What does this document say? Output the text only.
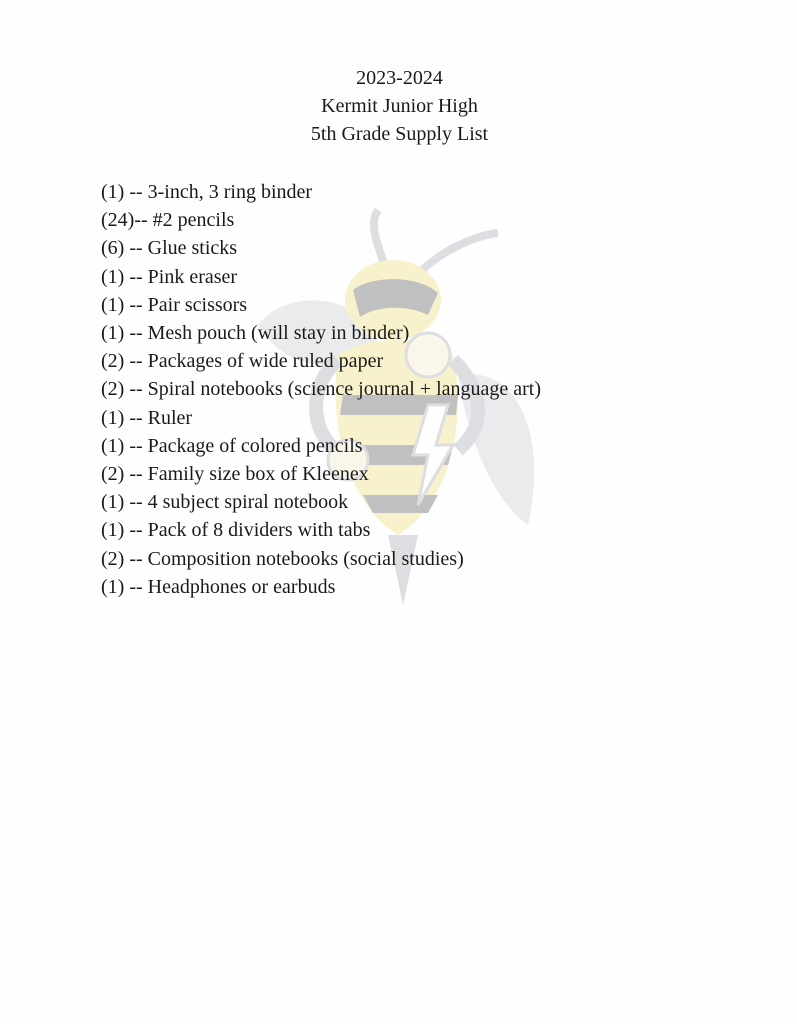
2023-2024
Kermit Junior High
5th Grade Supply List
(1) -- 3-inch, 3 ring binder
(24)-- #2 pencils
(6) -- Glue sticks
(1) -- Pink eraser
(1) -- Pair scissors
(1) -- Mesh pouch (will stay in binder)
(2) -- Packages of wide ruled paper
(2) -- Spiral notebooks (science journal + language art)
(1) -- Ruler
(1) -- Package of colored pencils
(2) -- Family size box of Kleenex
(1) -- 4 subject spiral notebook
(1) -- Pack of 8 dividers with tabs
(2) -- Composition notebooks (social studies)
(1) -- Headphones or earbuds
